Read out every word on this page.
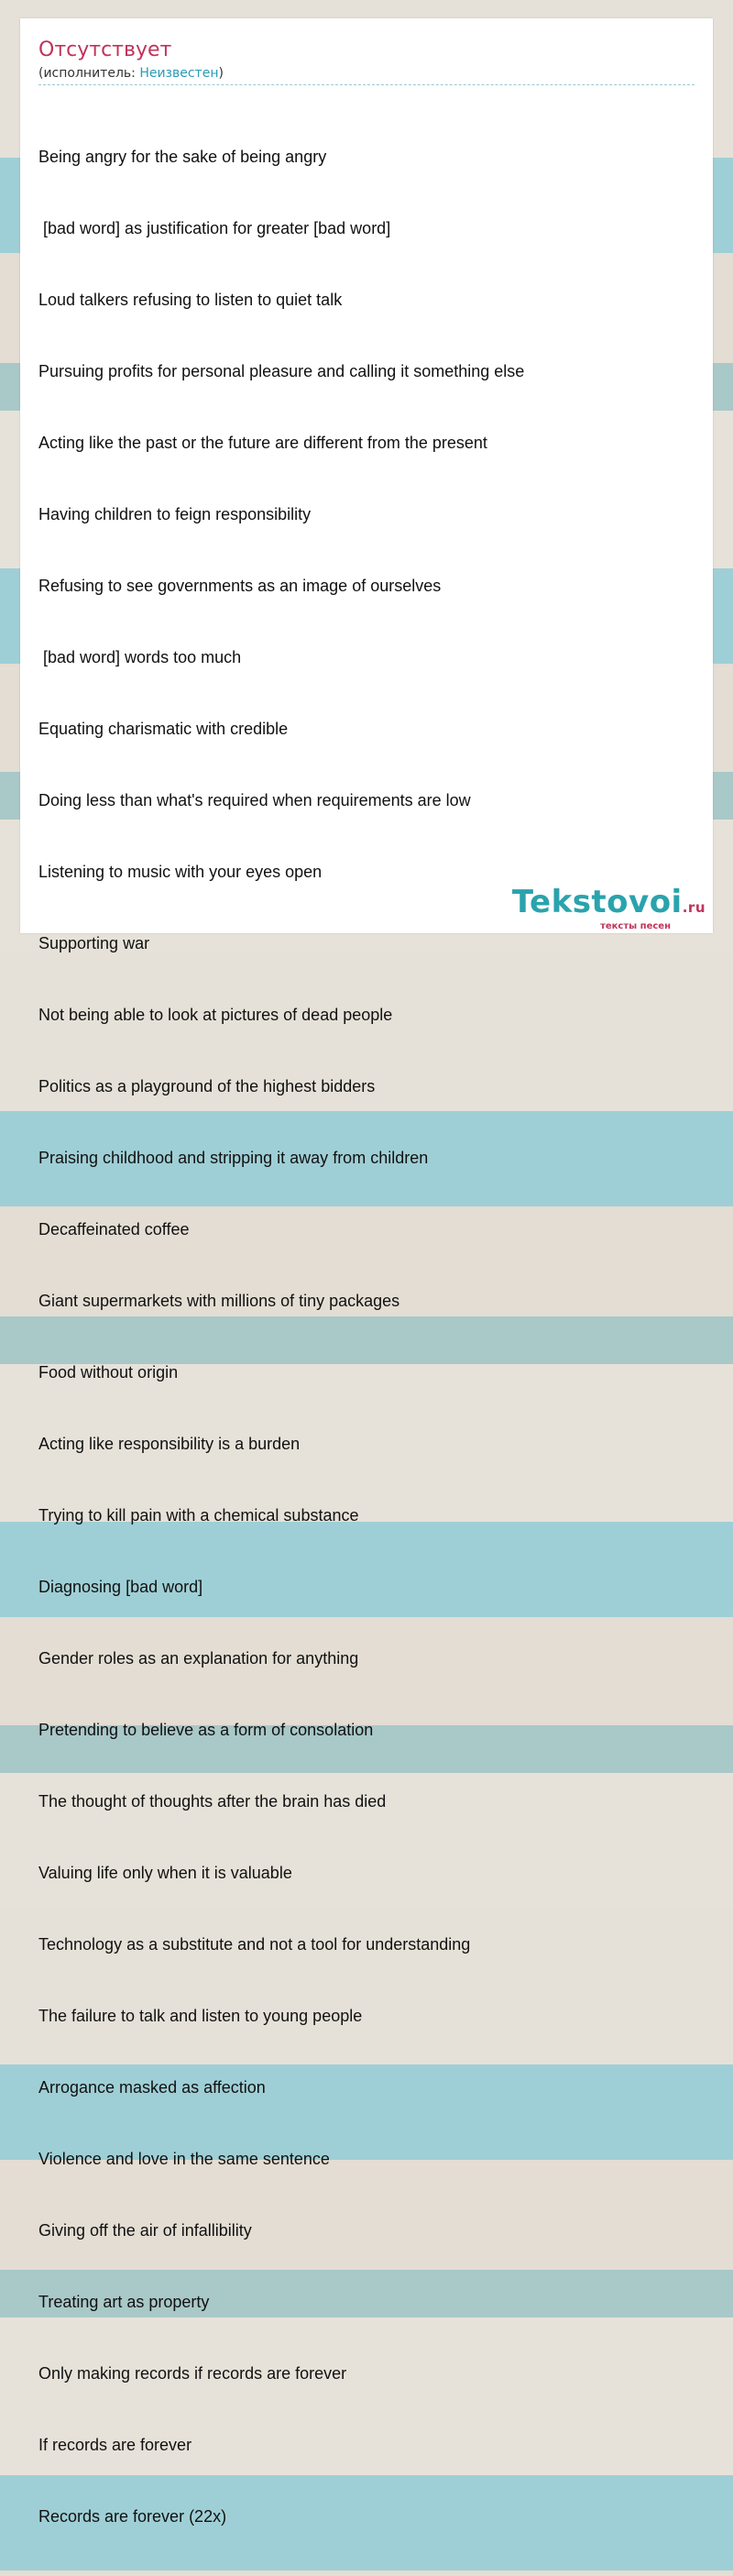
Отсутствует
(исполнитель: Неизвестен)

Being angry for the sake of being angry

[bad word] as justification for greater [bad word]

Loud talkers refusing to listen to quiet talk

Pursuing profits for personal pleasure and calling it something else

Acting like the past or the future are different from the present

Having children to feign responsibility

Refusing to see governments as an image of ourselves

[bad word] words too much

Equating charismatic with credible

Doing less than what's required when requirements are low

Listening to music with your eyes open

Supporting war

Not being able to look at pictures of dead people

Politics as a playground of the highest bidders

Praising childhood and stripping it away from children

Decaffeinated coffee

Giant supermarkets with millions of tiny packages

Food without origin

Acting like responsibility is a burden

Trying to kill pain with a chemical substance

Diagnosing [bad word]

Gender roles as an explanation for anything

Pretending to believe as a form of consolation

The thought of thoughts after the brain has died

Valuing life only when it is valuable

Technology as a substitute and not a tool for understanding

The failure to talk and listen to young people

Arrogance masked as affection

Violence and love in the same sentence

Giving off the air of infallibility

Treating art as property

Only making records if records are forever

If records are forever

Records are forever (22x)

Tekstovoi.ru
тексты песен
